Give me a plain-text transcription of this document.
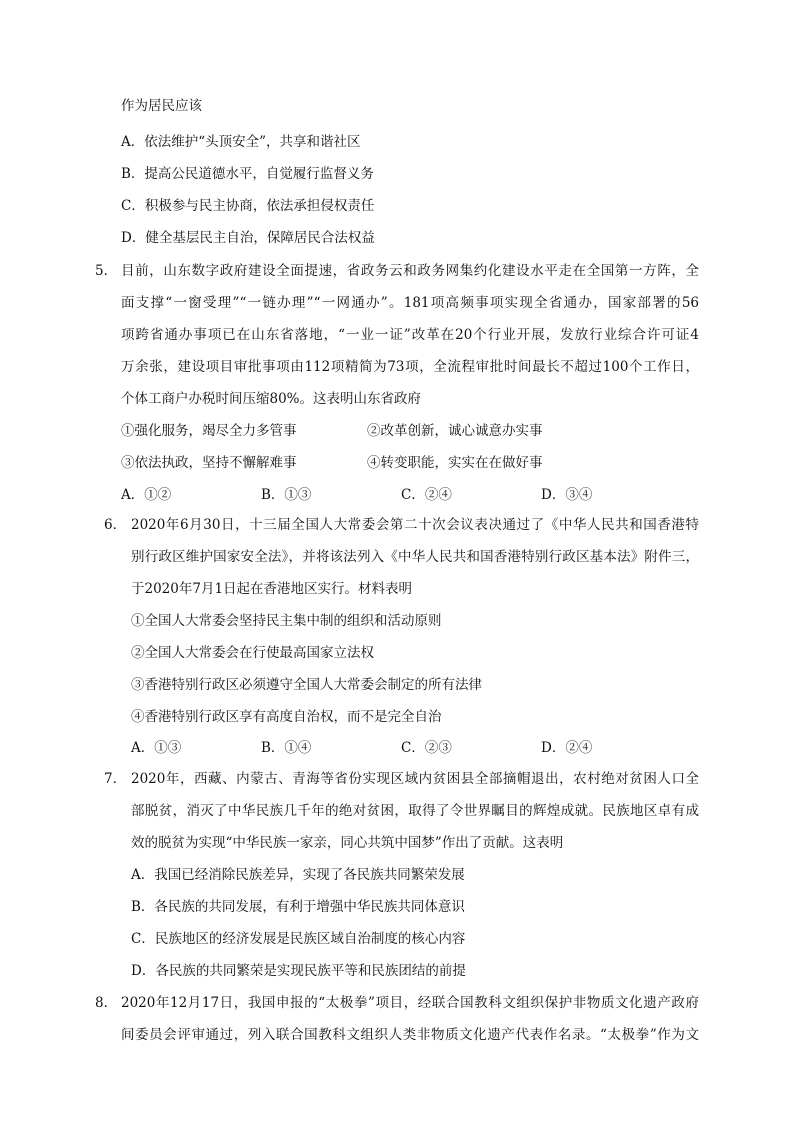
作为居民应该
A．依法维护“头顶安全”，共享和谐社区
B．提高公民道德水平，自觉履行监督义务
C．积极参与民主协商，依法承担侵权责任
D．健全基层民主自治，保障居民合法权益
5． 目前，山东数字政府建设全面提速，省政务云和政务网集约化建设水平走在全国第一方阵，全
面支撑“一窗受理”“一链办理”“一网通办”。181项高频事项实现全省通办，国家部署的56
项跨省通办事项已在山东省落地，“一业一证”改革在20个行业开展，发放行业综合许可证4
万余张，建设项目审批事项由112项精简为73项，全流程审批时间最长不超过100个工作日，
个体工商户办税时间压缩80%。这表明山东省政府
①强化服务，竭尽全力多管事	②改革创新，诚心诚意办实事
③依法执政，坚持不懈解难事	④转变职能，实实在在做好事
A．①②	B．①③	C．②④	D．③④
6． 2020年6月30日，十三届全国人大常委会第二十次会议表决通过了《中华人民共和国香港特
别行政区维护国家安全法》，并将该法列入《中华人民共和国香港特别行政区基本法》附件三，
于2020年7月1日起在香港地区实行。材料表明
①全国人大常委会坚持民主集中制的组织和活动原则
②全国人大常委会在行使最高国家立法权
③香港特别行政区必须遵守全国人大常委会制定的所有法律
④香港特别行政区享有高度自治权，而不是完全自治
A．①③	B．①④	C．②③	D．②④
7． 2020年，西藏、内蒙古、青海等省份实现区域内贫困县全部摘帽退出，农村绝对贫困人口全
部脱贫，消灭了中华民族几千年的绝对贫困，取得了令世界瞩目的辉煌成就。民族地区卓有成
效的脱贫为实现“中华民族一家亲，同心共筑中国梦”作出了贡献。这表明
A．我国已经消除民族差异，实现了各民族共同繁荣发展
B．各民族的共同发展，有利于增强中华民族共同体意识
C．民族地区的经济发展是民族区域自治制度的核心内容
D．各民族的共同繁荣是实现民族平等和民族团结的前提
8． 2020年12月17日，我国申报的“太极拳”项目，经联合国教科文组织保护非物质文化遗产政府
间委员会评审通过，列入联合国教科文组织人类非物质文化遗产代表作名录。“太极拳”作为文
